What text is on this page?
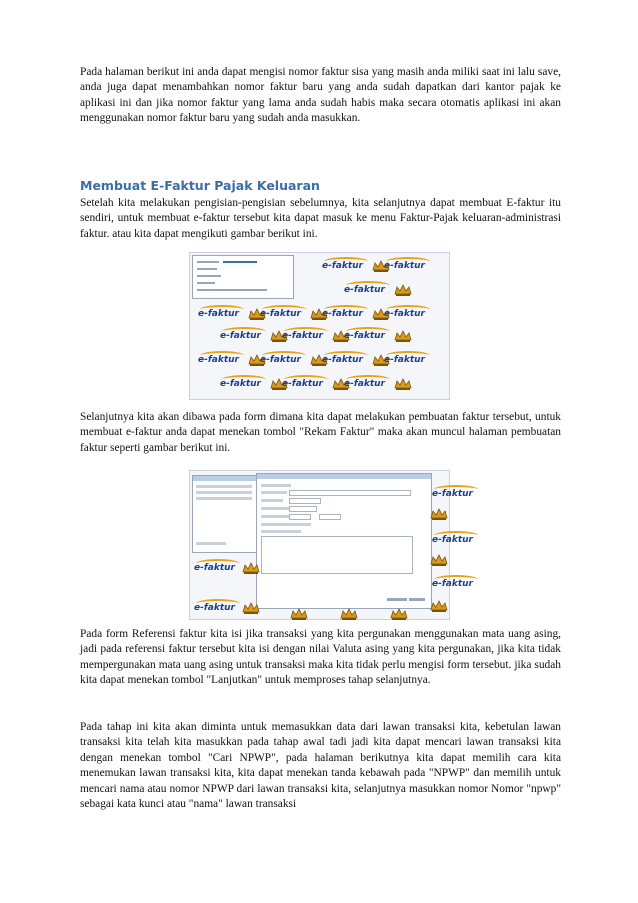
Pada halaman berikut ini anda dapat mengisi nomor faktur sisa yang masih anda miliki saat ini lalu save, anda juga dapat menambahkan nomor faktur baru yang anda sudah dapatkan dari kantor pajak ke aplikasi ini dan jika nomor faktur yang lama anda sudah habis maka secara otomatis aplikasi ini akan menggunakan nomor faktur baru yang sudah anda masukkan.

Membuat E-Faktur Pajak Keluaran

Setelah kita melakukan pengisian-pengisian sebelumnya, kita selanjutnya dapat membuat E-faktur itu sendiri, untuk membuat e-faktur tersebut kita dapat masuk ke menu Faktur-Pajak keluaran-administrasi faktur. atau kita dapat mengikuti gambar berikut ini.

e-faktur e-faktur
e-faktur
e-faktur e-faktur e-faktur e-faktur
e-faktur e-faktur e-faktur
e-faktur e-faktur e-faktur e-faktur
e-faktur e-faktur e-faktur

Selanjutnya kita akan dibawa pada form dimana kita dapat melakukan pembuatan faktur tersebut, untuk membuat e-faktur anda dapat menekan tombol "Rekam Faktur" maka akan muncul halaman pembuatan faktur seperti gambar berikut ini.

e-faktur
e-faktur
e-faktur
e-faktur
e-faktur

Pada form Referensi faktur kita isi jika transaksi yang kita pergunakan menggunakan mata uang asing, jadi pada referensi faktur tersebut kita isi dengan nilai Valuta asing yang kita pergunakan, jika kita tidak mempergunakan mata uang asing untuk transaksi maka kita tidak perlu mengisi form tersebut. jika sudah kita dapat menekan tombol "Lanjutkan" untuk memproses tahap selanjutnya.

Pada tahap ini kita akan diminta untuk memasukkan data dari lawan transaksi kita, kebetulan lawan transaksi kita telah kita masukkan pada tahap awal tadi jadi kita dapat mencari lawan transaksi kita dengan menekan tombol "Cari NPWP", pada halaman berikutnya kita dapat memilih cara kita menemukan lawan transaksi kita, kita dapat menekan tanda kebawah pada "NPWP" dan memilih untuk mencari nama atau nomor NPWP dari lawan transaksi kita, selanjutnya masukkan nomor Nomor "npwp" sebagai kata kunci atau "nama" lawan transaksi
